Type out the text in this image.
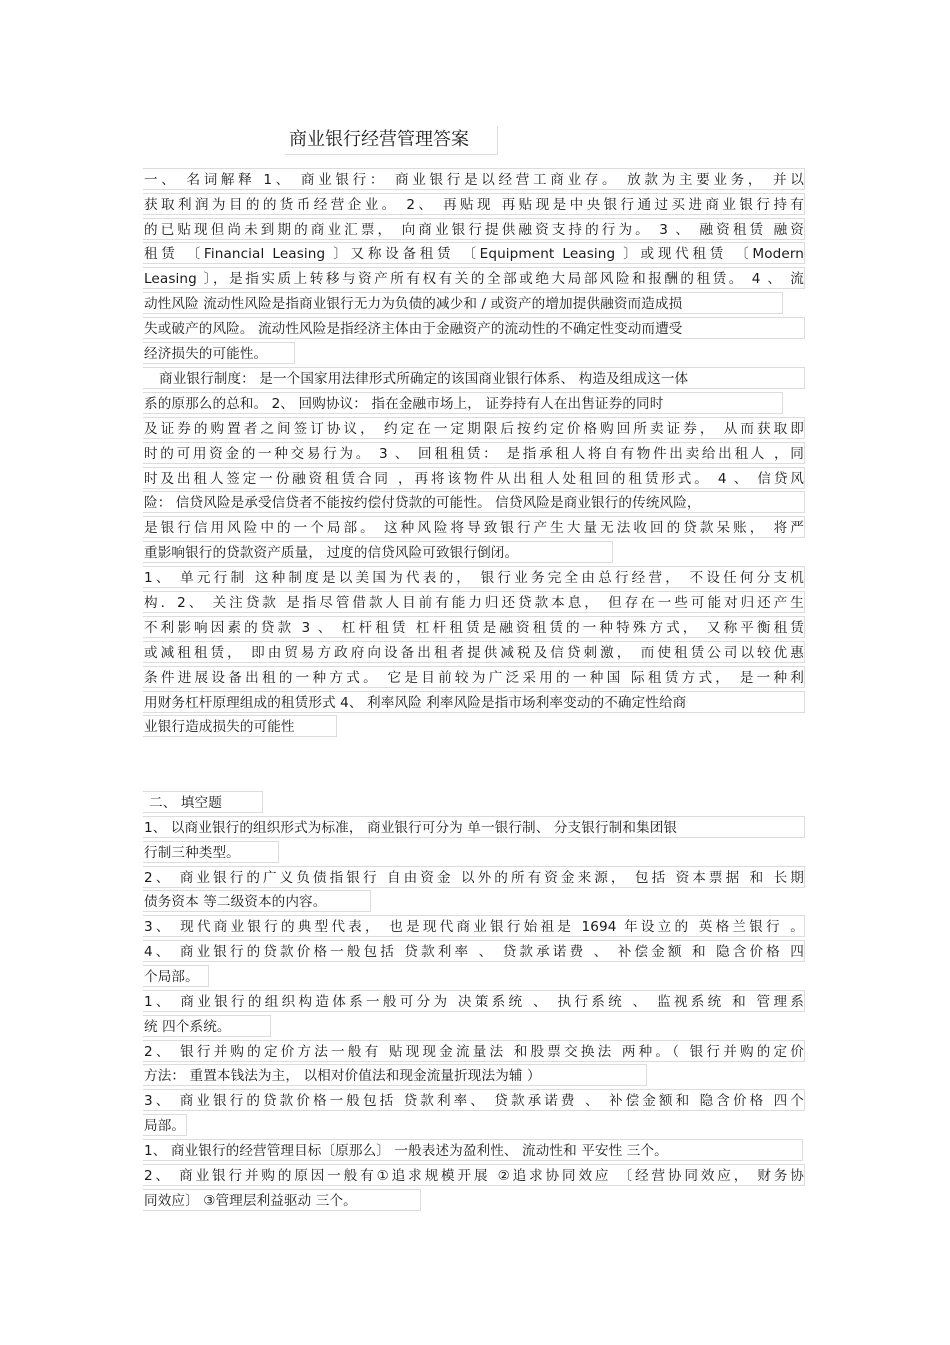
商业银行经营管理答案
一、 名词解释 1、 商业银行： 商业银行是以经营工商业存。 放款为主要业务， 并以
获取利润为目的的货币经营企业。 2、 再贴现 再贴现是中央银行通过买进商业银行持有
的已贴现但尚未到期的商业汇票， 向商业银行提供融资支持的行为。 3 、 融资租赁 融资
租赁 〔Financial Leasing 〕又称设备租赁 〔Equipment Leasing 〕或现代租赁 〔Modern
Leasing 〕，是指实质上转移与资产所有权有关的全部或绝大局部风险和报酬的租赁。 4 、 流
动性风险 流动性风险是指商业银行无力为负债的减少和 / 或资产的增加提供融资而造成损
失或破产的风险。 流动性风险是指经济主体由于金融资产的流动性的不确定性变动而遭受
经济损失的可能性。
商业银行制度： 是一个国家用法律形式所确定的该国商业银行体系、 构造及组成这一体
系的原那么的总和。 2、 回购协议： 指在金融市场上， 证券持有人在出售证券的同时
及证券的购置者之间签订协议， 约定在一定期限后按约定价格购回所卖证券， 从而获取即
时的可用资金的一种交易行为。 3 、 回租租赁： 是指承租人将自有物件出卖给出租人 ，同
时及出租人签定一份融资租赁合同 ，再将该物件从出租人处租回的租赁形式。 4 、 信贷风
险： 信贷风险是承受信贷者不能按约偿付贷款的可能性。 信贷风险是商业银行的传统风险，
是银行信用风险中的一个局部。 这种风险将导致银行产生大量无法收回的贷款呆账， 将严
重影响银行的贷款资产质量， 过度的信贷风险可致银行倒闭。
1、 单元行制 这种制度是以美国为代表的， 银行业务完全由总行经营， 不设任何分支机
构．2、 关注贷款 是指尽管借款人目前有能力归还贷款本息， 但存在一些可能对归还产生
不利影响因素的贷款 3 、 杠杆租赁 杠杆租赁是融资租赁的一种特殊方式， 又称平衡租赁
或减租租赁， 即由贸易方政府向设备出租者提供减税及信贷刺激， 而使租赁公司以较优惠
条件进展设备出租的一种方式。 它是目前较为广泛采用的一种国 际租赁方式， 是一种利
用财务杠杆原理组成的租赁形式 4、 利率风险 利率风险是指市场利率变动的不确定性给商
业银行造成损失的可能性
二、 填空题
1、 以商业银行的组织形式为标准， 商业银行可分为 单一银行制、 分支银行制和集团银
行制三种类型。
2、 商业银行的广义负债指银行 自由资金 以外的所有资金来源， 包括 资本票据 和 长期
债务资本 等二级资本的内容。
3、 现代商业银行的典型代表， 也是现代商业银行始祖是 1694 年设立的 英格兰银行 。
4、 商业银行的贷款价格一般包括 贷款利率 、 贷款承诺费 、 补偿金额 和 隐含价格 四
个局部。
1、 商业银行的组织构造体系一般可分为 决策系统 、 执行系统 、 监视系统 和 管理系
统 四个系统。
2、 银行并购的定价方法一般有 贴现现金流量法 和股票交换法 两种。（ 银行并购的定价
方法： 重置本钱法为主， 以相对价值法和现金流量折现法为辅 ）
3、 商业银行的贷款价格一般包括 贷款利率、 贷款承诺费 、 补偿金额和 隐含价格 四个
局部。
1、 商业银行的经营管理目标〔原那么〕 一般表述为盈利性、 流动性和 平安性 三个。
2、 商业银行并购的原因一般有①追求规模开展 ②追求协同效应 〔经营协同效应， 财务协
同效应〕 ③管理层利益驱动 三个。
